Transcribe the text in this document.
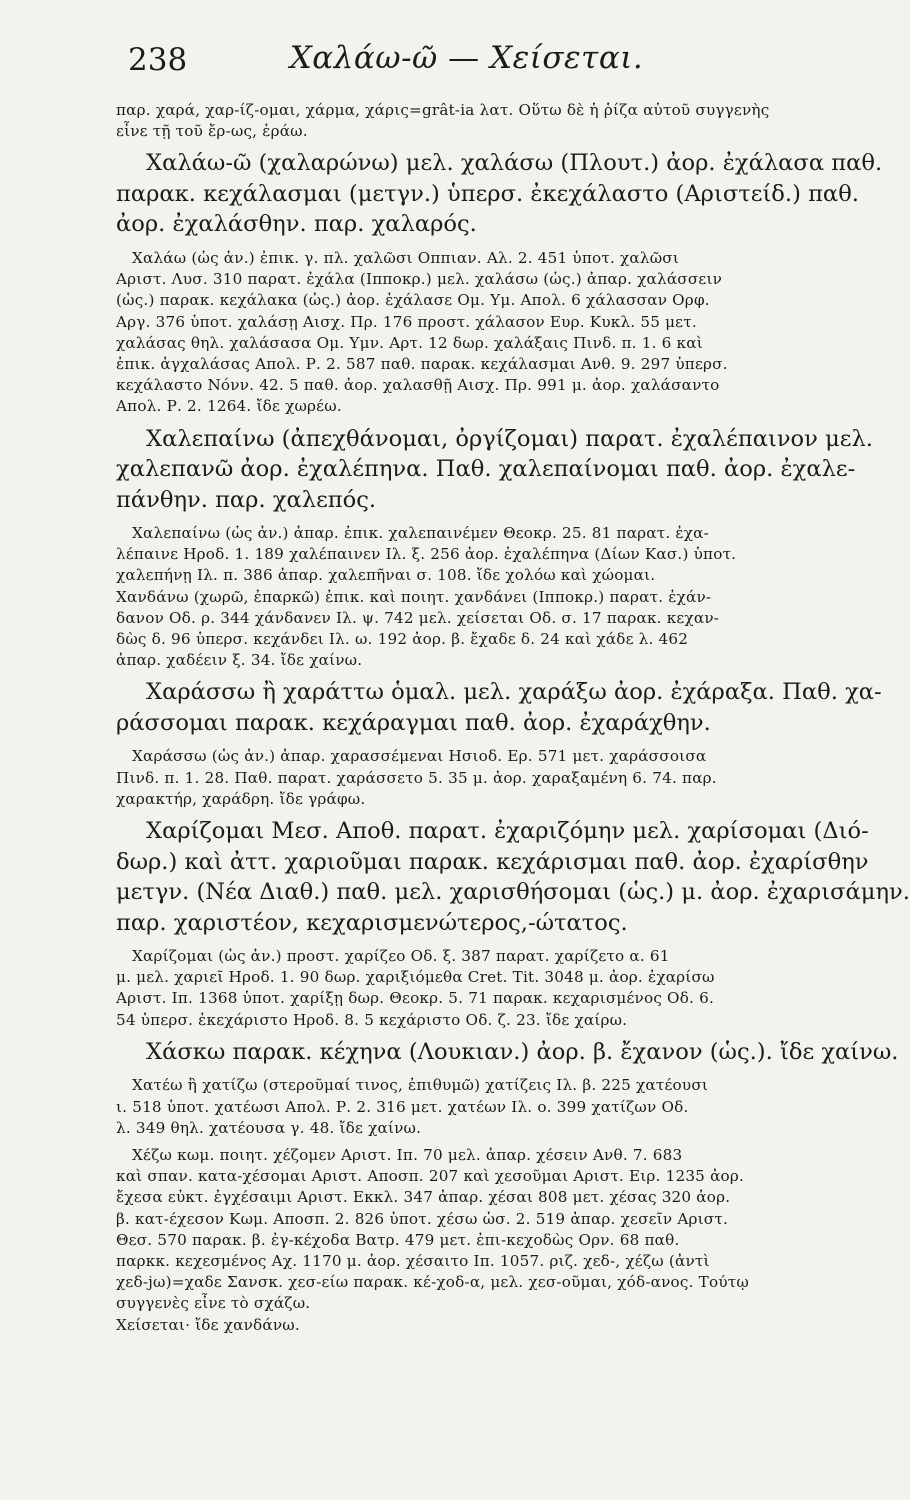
238	Χαλάω-ῶ — Χείσεται.
παρ. χαρά, χαρ-ίζ-ομαι, χάρμα, χάρις=grât-ia λατ. Οὕτω δὲ ἡ ῥίζα αὐτοῦ συγγενὴς
εἶνε τῇ τοῦ ἔρ-ως, ἐράω.
Χαλάω-ῶ (χαλαρώνω) μελ. χαλάσω (Πλουτ.) ἀορ. ἐχάλασα παθ.
παρακ. κεχάλασμαι (μετγν.) ὑπερσ. ἐκεχάλαστο (Αριστείδ.) παθ.
ἀορ. ἐχαλάσθην. παρ. χαλαρός.
Χαλάω (ὡς ἀν.) ἐπικ. γ. πλ. χαλῶσι Οππιαν. Αλ. 2. 451 ὑποτ. χαλῶσι
Αριστ. Λυσ. 310 παρατ. ἐχάλα (Ιπποκρ.) μελ. χαλάσω (ὡς.) ἀπαρ. χαλάσσειν
(ὡς.) παρακ. κεχάλακα (ὡς.) ἀορ. ἐχάλασε Ομ. Υμ. Απολ. 6 χάλασσαν Ορφ.
Αργ. 376 ὑποτ. χαλάσῃ Αισχ. Πρ. 176 προστ. χάλασον Ευρ. Κυκλ. 55 μετ.
χαλάσας θηλ. χαλάσασα Ομ. Υμν. Αρτ. 12 δωρ. χαλάξαις Πινδ. π. 1. 6 καὶ
ἐπικ. ἀγχαλάσας Απολ. Ρ. 2. 587 παθ. παρακ. κεχάλασμαι Ανθ. 9. 297 ὑπερσ.
κεχάλαστο Νόνν. 42. 5 παθ. ἀορ. χαλασθῇ Αισχ. Πρ. 991 μ. ἀορ. χαλάσαντο
Απολ. Ρ. 2. 1264. ἴδε χωρέω.
Χαλεπαίνω (ἀπεχθάνομαι, ὀργίζομαι) παρατ. ἐχαλέπαινον μελ.
χαλεπανῶ ἀορ. ἐχαλέπηνα. Παθ. χαλεπαίνομαι παθ. ἀορ. ἐχαλε-
πάνθην. παρ. χαλεπός.
Χαλεπαίνω (ὡς ἀν.) ἀπαρ. ἐπικ. χαλεπαινέμεν Θεοκρ. 25. 81 παρατ. ἐχα-
λέπαινε Ηροδ. 1. 189 χαλέπαινεν Ιλ. ξ. 256 ἀορ. ἐχαλέπηνα (Δίων Κασ.) ὑποτ.
χαλεπήνῃ Ιλ. π. 386 ἀπαρ. χαλεπῆναι σ. 108. ἴδε χολόω καὶ χώομαι.
Χανδάνω (χωρῶ, ἐπαρκῶ) ἐπικ. καὶ ποιητ. χανδάνει (Ιπποκρ.) παρατ. ἐχάν-
δανον Οδ. ρ. 344 χάνδανεν Ιλ. ψ. 742 μελ. χείσεται Οδ. σ. 17 παρακ. κεχαν-
δὼς δ. 96 ὑπερσ. κεχάνδει Ιλ. ω. 192 ἀορ. β. ἔχαδε δ. 24 καὶ χάδε λ. 462
ἀπαρ. χαδέειν ξ. 34. ἴδε χαίνω.
Χαράσσω ἢ χαράττω ὁμαλ. μελ. χαράξω ἀορ. ἐχάραξα. Παθ. χα-
ράσσομαι παρακ. κεχάραγμαι παθ. ἀορ. ἐχαράχθην.
Χαράσσω (ὡς ἀν.) ἀπαρ. χαρασσέμεναι Ησιοδ. Ερ. 571 μετ. χαράσσοισα
Πινδ. π. 1. 28. Παθ. παρατ. χαράσσετο 5. 35 μ. ἀορ. χαραξαμένη 6. 74. παρ.
χαρακτήρ, χαράδρη. ἴδε γράφω.
Χαρίζομαι Μεσ. Αποθ. παρατ. ἐχαριζόμην μελ. χαρίσομαι (Διό-
δωρ.) καὶ ἀττ. χαριοῦμαι παρακ. κεχάρισμαι παθ. ἀορ. ἐχαρίσθην
μετγν. (Νέα Διαθ.) παθ. μελ. χαρισθήσομαι (ὡς.) μ. ἀορ. ἐχαρισάμην.
παρ. χαριστέον, κεχαρισμενώτερος,-ώτατος.
Χαρίζομαι (ὡς ἀν.) προστ. χαρίζεο Οδ. ξ. 387 παρατ. χαρίζετο α. 61
μ. μελ. χαριεῖ Ηροδ. 1. 90 δωρ. χαριξιόμεθα Cret. Tit. 3048 μ. ἀορ. ἐχαρίσω
Αριστ. Ιπ. 1368 ὑποτ. χαρίξῃ δωρ. Θεοκρ. 5. 71 παρακ. κεχαρισμένος Οδ. 6.
54 ὑπερσ. ἐκεχάριστο Ηροδ. 8. 5 κεχάριστο Οδ. ζ. 23. ἴδε χαίρω.
Χάσκω παρακ. κέχηνα (Λουκιαν.) ἀορ. β. ἔχανον (ὡς.). ἴδε χαίνω.
Χατέω ἢ χατίζω (στεροῦμαί τινος, ἐπιθυμῶ) χατίζεις Ιλ. β. 225 χατέουσι
ι. 518 ὑποτ. χατέωσι Απολ. Ρ. 2. 316 μετ. χατέων Ιλ. ο. 399 χατίζων Οδ.
λ. 349 θηλ. χατέουσα γ. 48. ἴδε χαίνω.
Χέζω κωμ. ποιητ. χέζομεν Αριστ. Ιπ. 70 μελ. ἀπαρ. χέσειν Ανθ. 7. 683
καὶ σπαν. κατα-χέσομαι Αριστ. Αποσπ. 207 καὶ χεσοῦμαι Αριστ. Ειρ. 1235 ἀορ.
ἔχεσα εὐκτ. ἐγχέσαιμι Αριστ. Εκκλ. 347 ἀπαρ. χέσαι 808 μετ. χέσας 320 ἀορ.
β. κατ-έχεσον Κωμ. Αποσπ. 2. 826 ὑποτ. χέσω ὡσ. 2. 519 ἀπαρ. χεσεῖν Αριστ.
Θεσ. 570 παρακ. β. ἐγ-κέχοδα Βατρ. 479 μετ. ἐπι-κεχοδὼς Ορν. 68 παθ.
παρκκ. κεχεσμένος Αχ. 1170 μ. ἀορ. χέσαιτο Ιπ. 1057. ριζ. χεδ-, χέζω (ἀντὶ
χεδ-jω)=χαδε Σανσκ. χεσ-είω παρακ. κέ-χοδ-α, μελ. χεσ-οῦμαι, χόδ-ανος. Τούτῳ
συγγενὲς εἶνε τὸ σχάζω.
Χείσεται· ἴδε χανδάνω.
